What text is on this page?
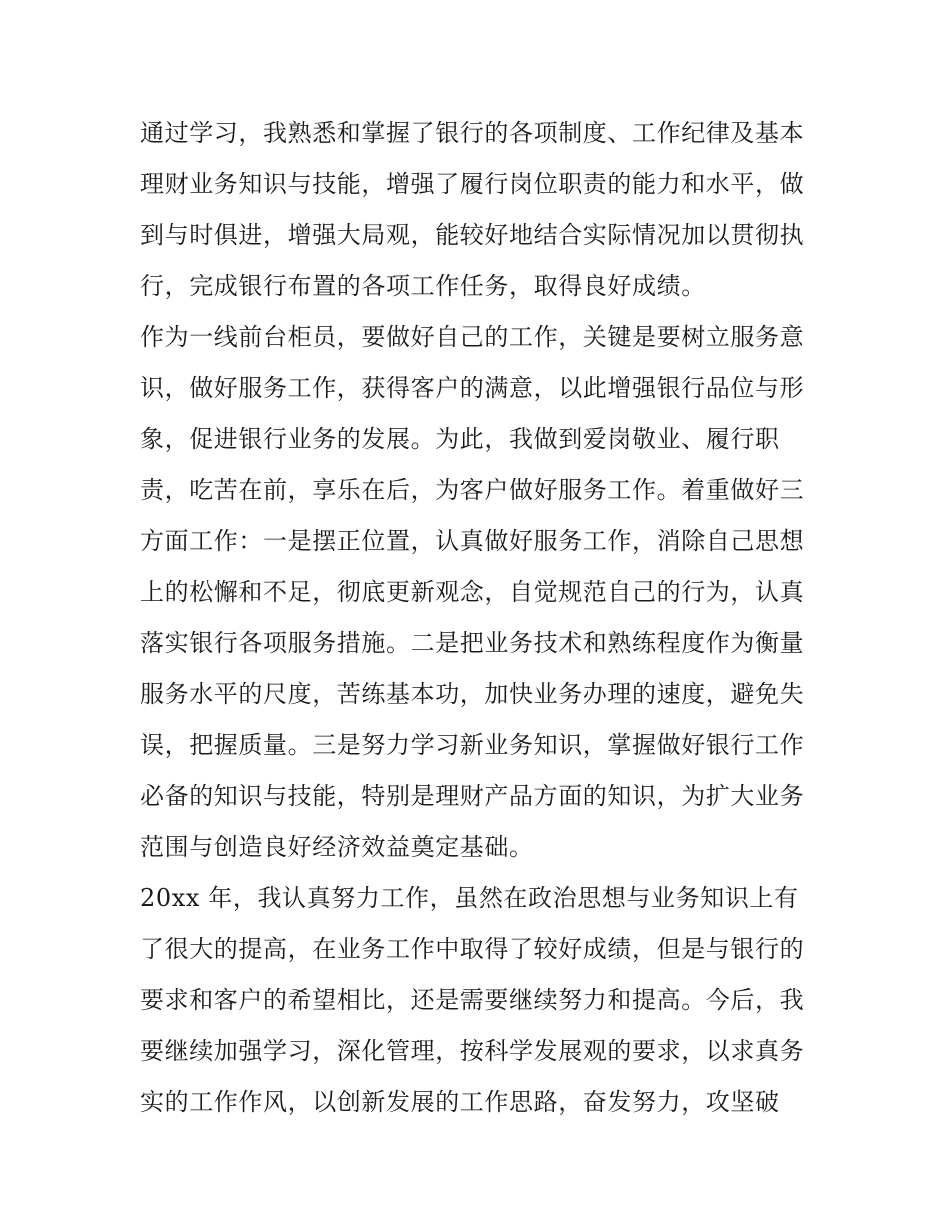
通过学习，我熟悉和掌握了银行的各项制度、工作纪律及基本
理财业务知识与技能，增强了履行岗位职责的能力和水平，做
到与时俱进，增强大局观，能较好地结合实际情况加以贯彻执
行，完成银行布置的各项工作任务，取得良好成绩。
作为一线前台柜员，要做好自己的工作，关键是要树立服务意
识，做好服务工作，获得客户的满意，以此增强银行品位与形
象，促进银行业务的发展。为此，我做到爱岗敬业、履行职
责，吃苦在前，享乐在后，为客户做好服务工作。着重做好三
方面工作：一是摆正位置，认真做好服务工作，消除自己思想
上的松懈和不足，彻底更新观念，自觉规范自己的行为，认真
落实银行各项服务措施。二是把业务技术和熟练程度作为衡量
服务水平的尺度，苦练基本功，加快业务办理的速度，避免失
误，把握质量。三是努力学习新业务知识，掌握做好银行工作
必备的知识与技能，特别是理财产品方面的知识，为扩大业务
范围与创造良好经济效益奠定基础。
20xx 年，我认真努力工作，虽然在政治思想与业务知识上有
了很大的提高，在业务工作中取得了较好成绩，但是与银行的
要求和客户的希望相比，还是需要继续努力和提高。今后，我
要继续加强学习，深化管理，按科学发展观的要求，以求真务
实的工作作风，以创新发展的工作思路，奋发努力，攻坚破
